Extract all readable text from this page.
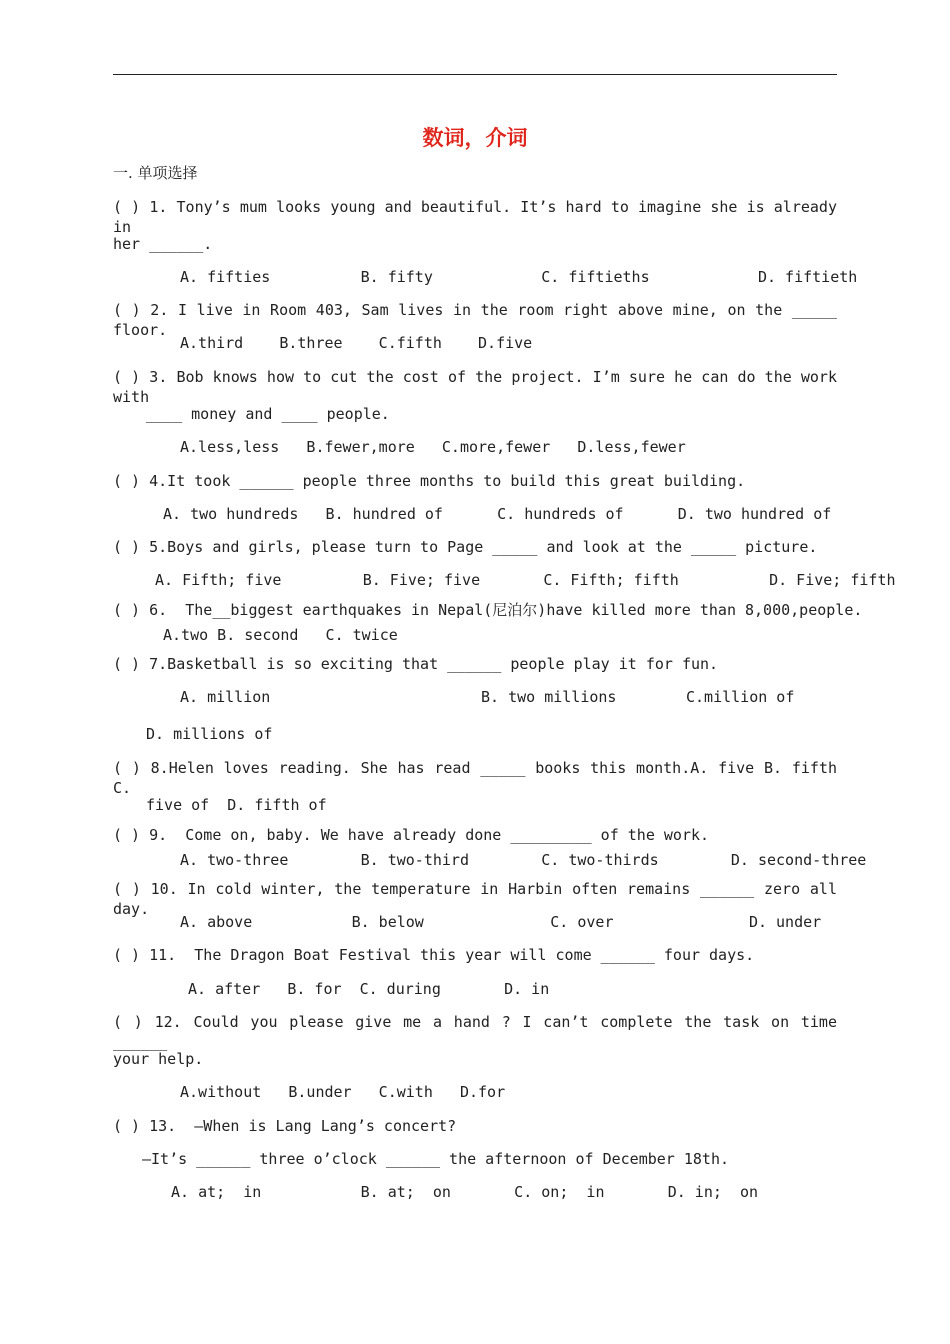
数词，介词
一. 单项选择
( ) 1. Tony’s mum looks young and beautiful. It’s hard to imagine she is already in
her ______.
A. fifties          B. fifty            C. fiftieths            D. fiftieth
( ) 2. I live in Room 403, Sam lives in the room right above mine, on the _____ floor.
A.third    B.three    C.fifth    D.five
( ) 3. Bob knows how to cut the cost of the project. I’m sure he can do the work with
____ money and ____ people.
A.less,less   B.fewer,more   C.more,fewer   D.less,fewer
( ) 4.It took ______ people three months to build this great building.
A. two hundreds   B. hundred of      C. hundreds of      D. two hundred of
( ) 5.Boys and girls, please turn to Page _____ and look at the _____ picture.
A. Fifth; five         B. Five; five       C. Fifth; fifth          D. Five; fifth
( ) 6.  The__biggest earthquakes in Nepal(尼泊尔)have killed more than 8,000,people.
A.two B. second   C. twice
( ) 7.Basketball is so exciting that ______ people play it for fun.
A. million	B. two millions	C.million of
D. millions of
( ) 8.Helen loves reading. She has read _____ books this month.A. five B. fifth C.
five of  D. fifth of
( ) 9.  Come on, baby. We have already done _________ of the work.
A. two-three        B. two-third        C. two-thirds        D. second-three
( ) 10. In cold winter, the temperature in Harbin often remains ______ zero all day.
A. above           B. below              C. over               D. under
( ) 11.  The Dragon Boat Festival this year will come ______ four days.
A. after   B. for  C. during       D. in
( ) 12. Could you please give me a hand ? I can’t complete the task on time ______
your help.
A.without   B.under   C.with   D.for
( ) 13.  —When is Lang Lang’s concert?
—It’s ______ three o’clock ______ the afternoon of December 18th.
A. at;  in           B. at;  on       C. on;  in       D. in;  on
